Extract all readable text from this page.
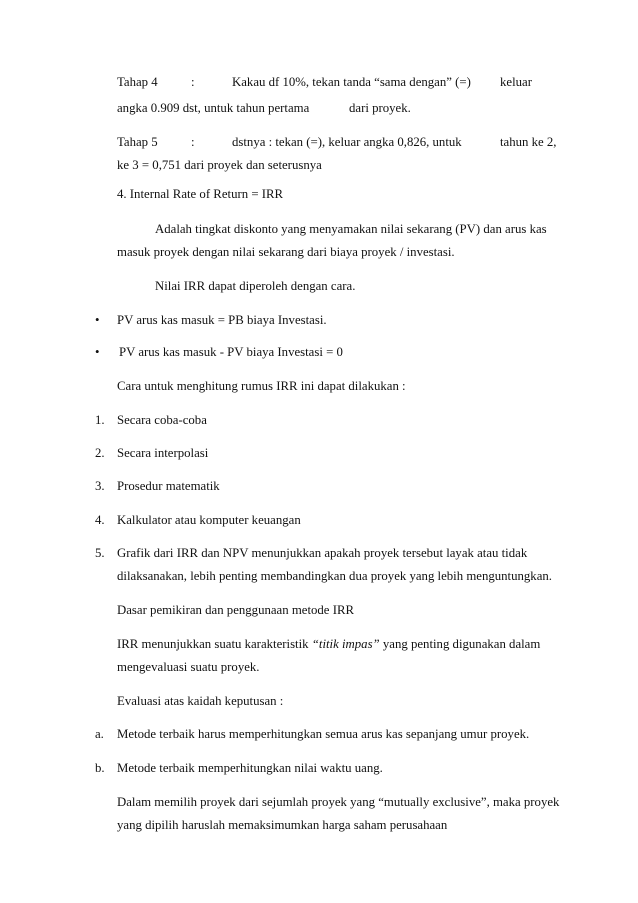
Tahap 4	:	Kakau df 10%, tekan tanda “sama dengan” (=) keluar
angka 0.909 dst, untuk tahun pertama	dari proyek.
Tahap 5	:	dstnya : tekan (=), keluar angka 0,826, untuk	tahun ke 2,
ke 3 = 0,751 dari proyek dan seterusnya
4. Internal Rate of Return = IRR
Adalah tingkat diskonto yang menyamakan nilai sekarang (PV) dan arus kas
masuk proyek dengan nilai sekarang dari biaya proyek / investasi.
Nilai IRR dapat diperoleh dengan cara.
• PV arus kas masuk = PB biaya Investasi.
• PV arus kas masuk - PV biaya Investasi = 0
Cara untuk menghitung rumus IRR ini dapat dilakukan :
1. Secara coba-coba
2. Secara interpolasi
3. Prosedur matematik
4. Kalkulator atau komputer keuangan
5. Grafik dari IRR dan NPV menunjukkan apakah proyek tersebut layak atau tidak
dilaksanakan, lebih penting membandingkan dua proyek yang lebih menguntungkan.
Dasar pemikiran dan penggunaan metode IRR
IRR menunjukkan suatu karakteristik “titik impas” yang penting digunakan dalam
mengevaluasi suatu proyek.
Evaluasi atas kaidah keputusan :
a. Metode terbaik harus memperhitungkan semua arus kas sepanjang umur proyek.
b. Metode terbaik memperhitungkan nilai waktu uang.
Dalam memilih proyek dari sejumlah proyek yang “mutually exclusive”, maka proyek
yang dipilih haruslah memaksimumkan harga saham perusahaan
